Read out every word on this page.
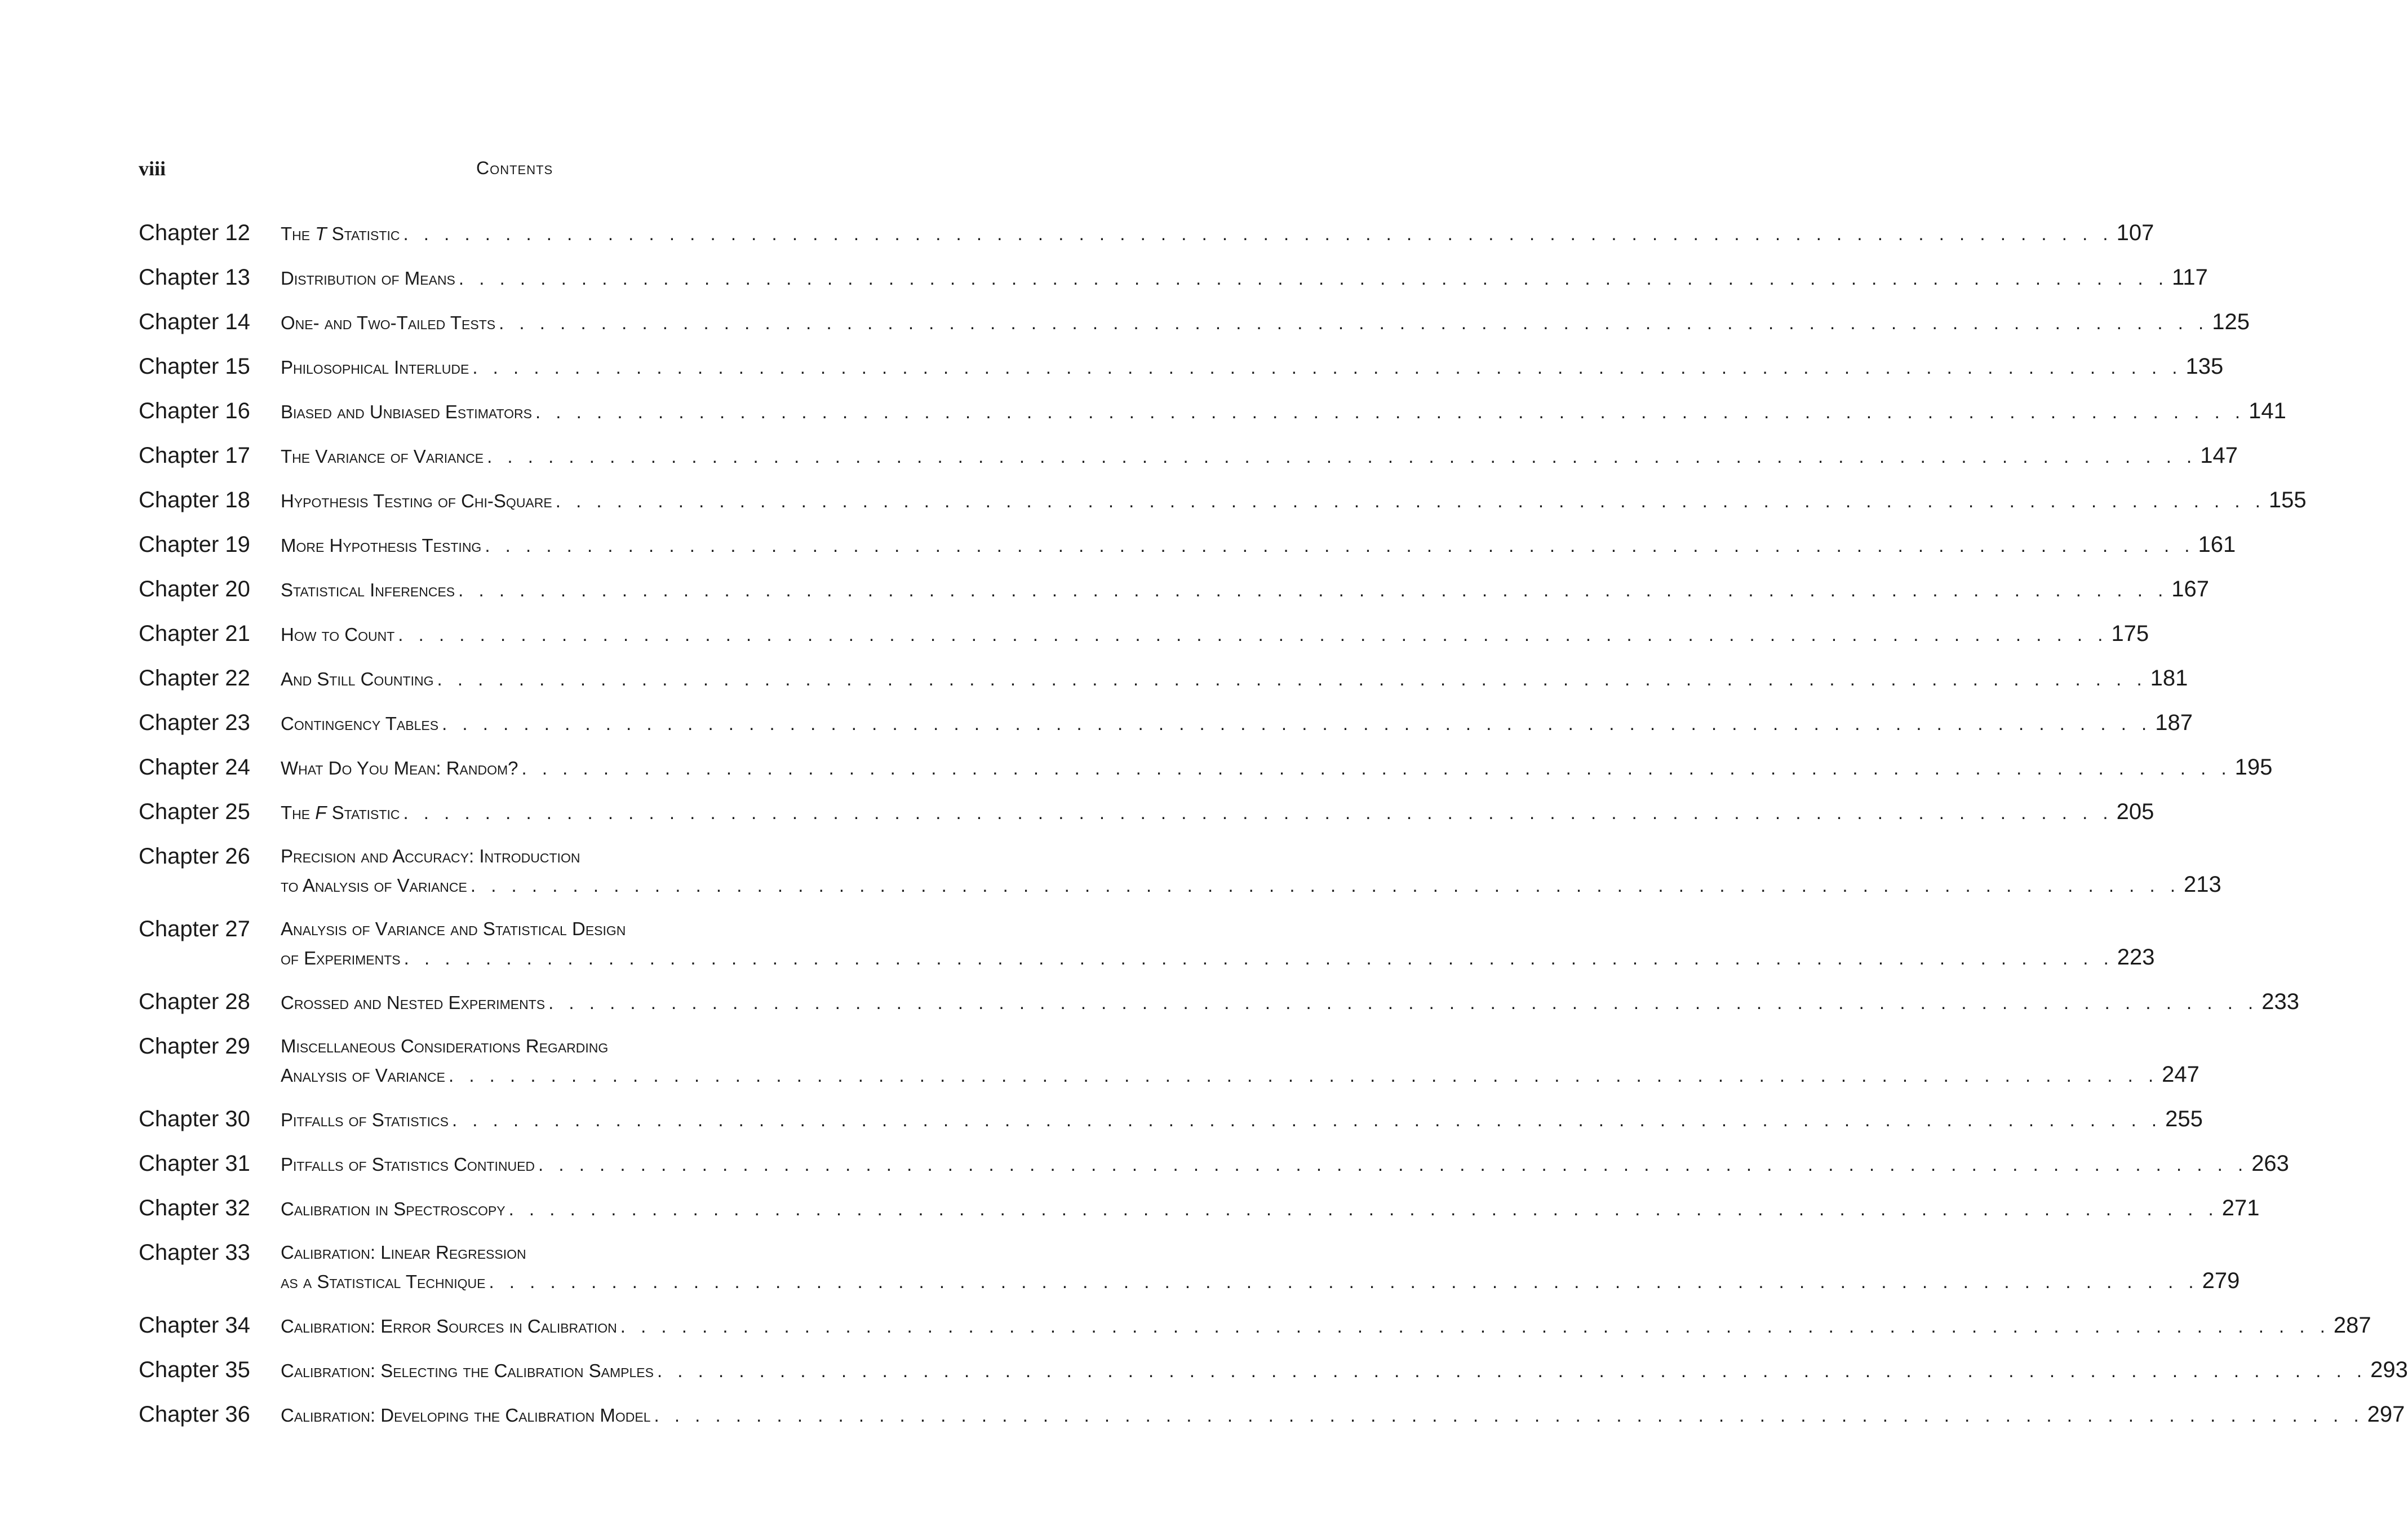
viii	Contents
Chapter 12	The T Statistic . . .	107
Chapter 13	Distribution of Means . . .	117
Chapter 14	One- and Two-Tailed Tests . . .	125
Chapter 15	Philosophical Interlude . . .	135
Chapter 16	Biased and Unbiased Estimators . . .	141
Chapter 17	The Variance of Variance . . .	147
Chapter 18	Hypothesis Testing of Chi-Square . . .	155
Chapter 19	More Hypothesis Testing . . .	161
Chapter 20	Statistical Inferences . . .	167
Chapter 21	How to Count . . .	175
Chapter 22	And Still Counting . . .	181
Chapter 23	Contingency Tables . . .	187
Chapter 24	What Do You Mean: Random? . . .	195
Chapter 25	The F Statistic . . .	205
Chapter 26	Precision and Accuracy: Introduction
to Analysis of Variance . . .	213
Chapter 27	Analysis of Variance and Statistical Design
of Experiments . . .	223
Chapter 28	Crossed and Nested Experiments . . .	233
Chapter 29	Miscellaneous Considerations Regarding
Analysis of Variance . . .	247
Chapter 30	Pitfalls of Statistics . . .	255
Chapter 31	Pitfalls of Statistics Continued . . .	263
Chapter 32	Calibration in Spectroscopy . . .	271
Chapter 33	Calibration: Linear Regression
as a Statistical Technique . . .	279
Chapter 34	Calibration: Error Sources in Calibration . . .	287
Chapter 35	Calibration: Selecting the Calibration Samples . . .	293
Chapter 36	Calibration: Developing the Calibration Model . . .	297
